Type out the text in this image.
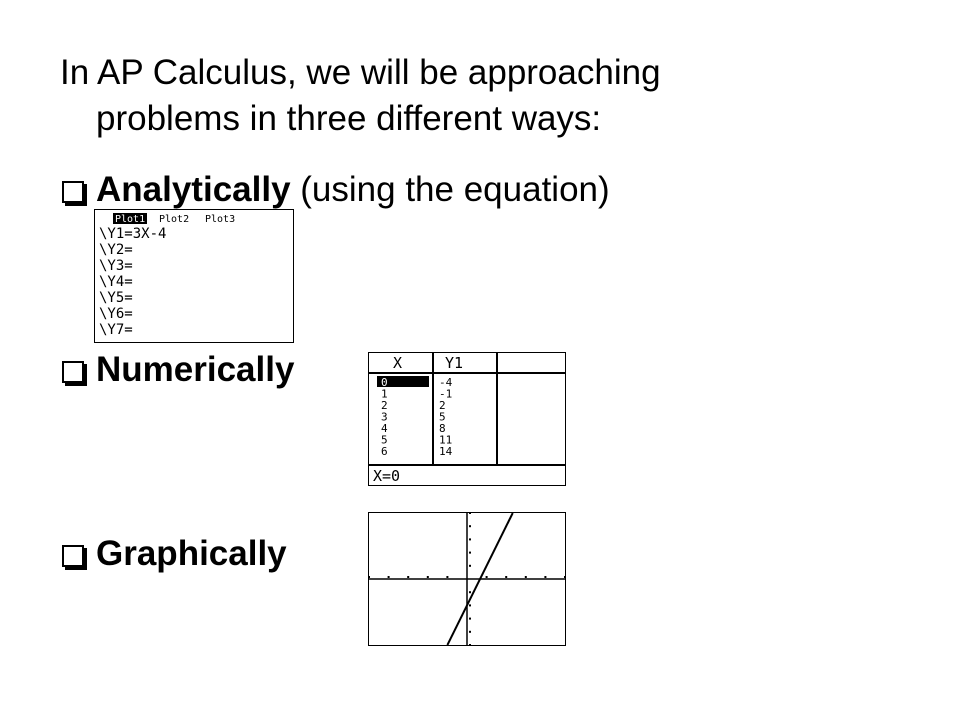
In AP Calculus, we will be approaching
problems in three different ways:
Analytically (using the equation)
Numerically
Graphically
Plot1 Plot2 Plot3
\Y1=3X-4
\Y2=
\Y3=
\Y4=
\Y5=
\Y6=
\Y7=
X	Y1
0	-4
1	-1
2	2
3	5
4	8
5	11
6	14
X=0
